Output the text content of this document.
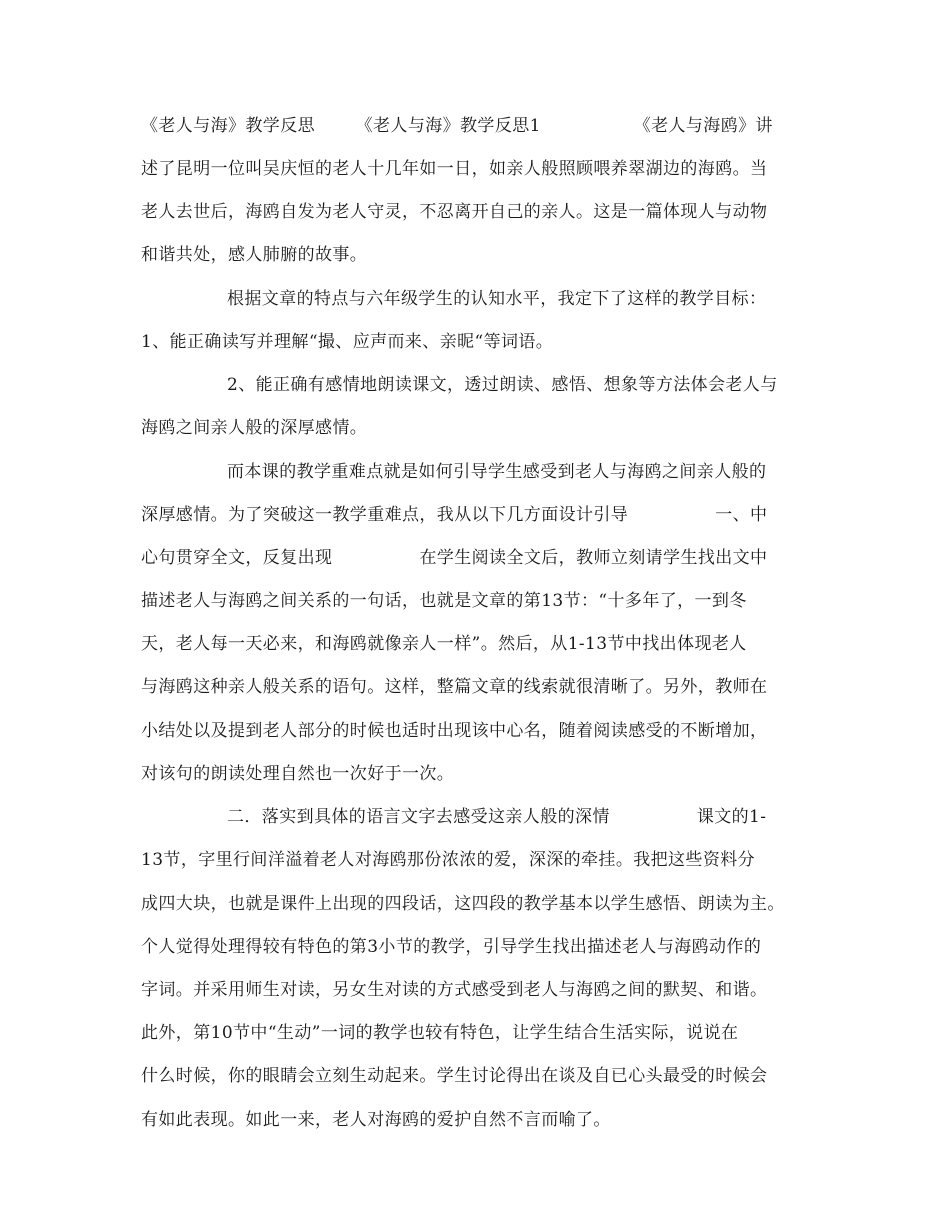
《老人与海》教学反思       《老人与海》教学反思1                《老人与海鸥》讲
述了昆明一位叫吴庆恒的老人十几年如一日，如亲人般照顾喂养翠湖边的海鸥。当
老人去世后，海鸥自发为老人守灵，不忍离开自己的亲人。这是一篇体现人与动物
和谐共处，感人肺腑的故事。
根据文章的特点与六年级学生的认知水平，我定下了这样的教学目标：
1、能正确读写并理解“撮、应声而来、亲昵“等词语。
2、能正确有感情地朗读课文，透过朗读、感悟、想象等方法体会老人与
海鸥之间亲人般的深厚感情。
而本课的教学重难点就是如何引导学生感受到老人与海鸥之间亲人般的
深厚感情。为了突破这一教学重难点，我从以下几方面设计引导               一、中
心句贯穿全文，反复出现               在学生阅读全文后，教师立刻请学生找出文中
描述老人与海鸥之间关系的一句话，也就是文章的第13节：“十多年了，一到冬
天，老人每一天必来，和海鸥就像亲人一样”。然后，从1-13节中找出体现老人
与海鸥这种亲人般关系的语句。这样，整篇文章的线索就很清晰了。另外，教师在
小结处以及提到老人部分的时候也适时出现该中心名，随着阅读感受的不断增加，
对该句的朗读处理自然也一次好于一次。
二．落实到具体的语言文字去感受这亲人般的深情               课文的1-
13节，字里行间洋溢着老人对海鸥那份浓浓的爱，深深的牵挂。我把这些资料分
成四大块，也就是课件上出现的四段话，这四段的教学基本以学生感悟、朗读为主。
个人觉得处理得较有特色的第3小节的教学，引导学生找出描述老人与海鸥动作的
字词。并采用师生对读，另女生对读的方式感受到老人与海鸥之间的默契、和谐。
此外，第10节中“生动”一词的教学也较有特色，让学生结合生活实际，说说在
什么时候，你的眼睛会立刻生动起来。学生讨论得出在谈及自已心头最受的时候会
有如此表现。如此一来，老人对海鸥的爱护自然不言而喻了。
